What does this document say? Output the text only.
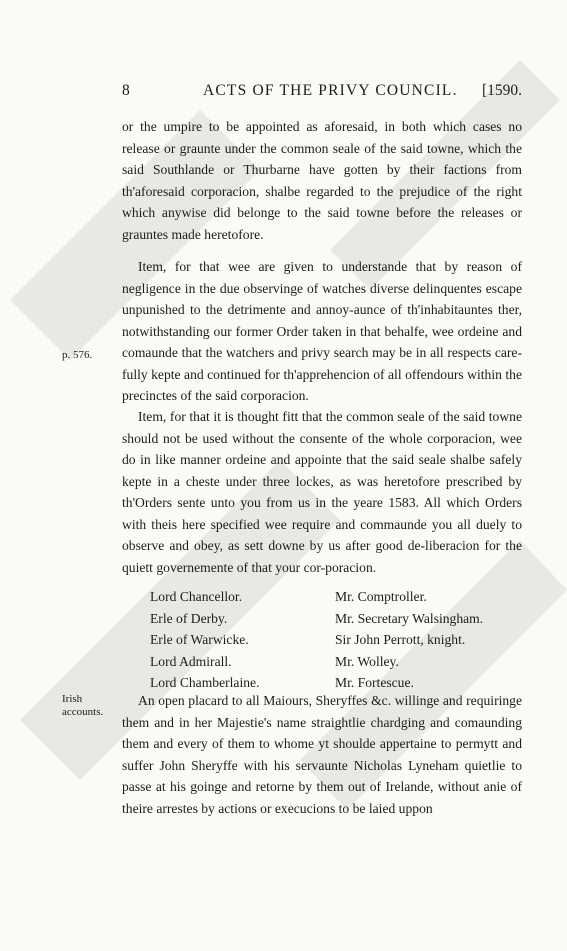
8	ACTS OF THE PRIVY COUNCIL. [1590.

or the umpire to be appointed as aforesaid, in both which cases no release or graunte under the common seale of the said towne, which the said Southlande or Thurbarne have gotten by their factions from th'aforesaid corporacion, shalbe regarded to the prejudice of the right which anywise did belonge to the said towne before the releases or grauntes made heretofore.

Item, for that wee are given to understande that by reason of negligence in the due observinge of watches diverse delinquentes escape unpunished to the detrimente and annoy-aunce of th'inhabitauntes ther, notwithstanding our former Order taken in that behalfe, wee ordeine and comaunde that the watchers and privy search may be in all respects care-fully kepte and continued for th'apprehencion of all offendours within the precinctes of the said corporacion.

p. 576.

Item, for that it is thought fitt that the common seale of the said towne should not be used without the consente of the whole corporacion, wee do in like manner ordeine and appointe that the said seale shalbe safely kepte in a cheste under three lockes, as was heretofore prescribed by th'Orders sente unto you from us in the yeare 1583. All which Orders with theis here specified wee require and commaunde you all duely to observe and obey, as sett downe by us after good de-liberacion for the quiett governemente of that your cor-poracion.

Lord Chancellor.
Erle of Derby.
Erle of Warwicke.
Lord Admirall.
Lord Chamberlaine.
Mr. Comptroller.
Mr. Secretary Walsingham.
Sir John Perrott, knight.
Mr. Wolley.
Mr. Fortescue.
Irish
accounts.

An open placard to all Maiours, Sheryffes &c. willinge and requiringe them and in her Majestie's name straightlie chardging and comaunding them and every of them to whome yt shoulde appertaine to permytt and suffer John Sheryffe with his servaunte Nicholas Lyneham quietlie to passe at his goinge and retorne by them out of Irelande, without anie of theire arrestes by actions or execucions to be laied uppon
